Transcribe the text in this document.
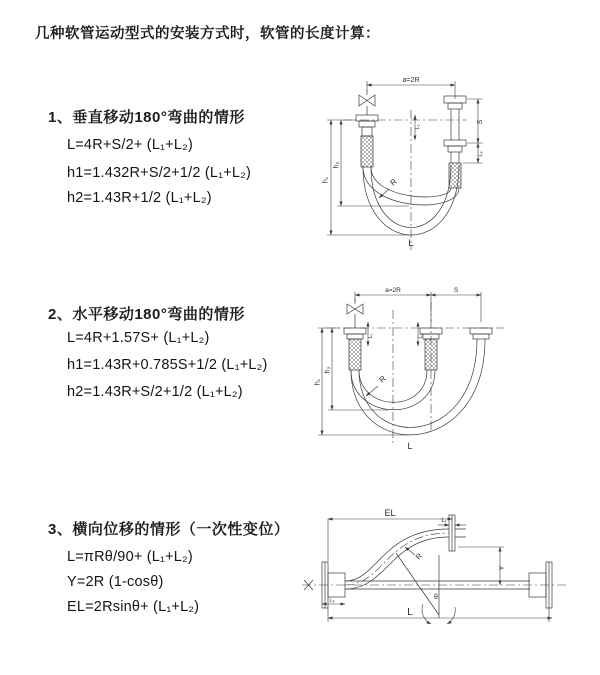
几种软管运动型式的安装方式时，软管的长度计算：
1、垂直移动180°弯曲的情形
L=4R+S/2+ (L₁+L₂)
h1=1.432R+S/2+1/2 (L₁+L₂)
h2=1.43R+1/2 (L₁+L₂)
a=2R
h₁
h₂
S
L₂
L₁
R
L
2、水平移动180°弯曲的情形
L=4R+1.57S+ (L₁+L₂)
h1=1.43R+0.785S+1/2 (L₁+L₂)
h2=1.43R+S/2+1/2 (L₁+L₂)
a=2R	S
h₁
h₂
L₁	L₂
R
L
3、横向位移的情形（一次性变位）
L=πRθ/90+ (L₁+L₂)
Y=2R (1-cosθ)
EL=2Rsinθ+ (L₁+L₂)
EL
L₁
Y
θ
R
L
L₂
